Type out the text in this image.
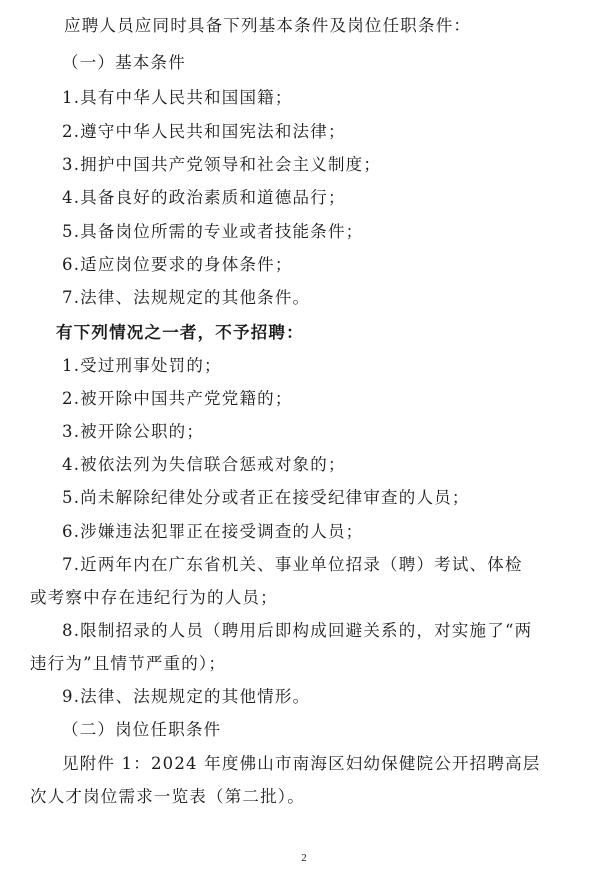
应聘人员应同时具备下列基本条件及岗位任职条件：
（一）基本条件
1.具有中华人民共和国国籍；
2.遵守中华人民共和国宪法和法律；
3.拥护中国共产党领导和社会主义制度；
4.具备良好的政治素质和道德品行；
5.具备岗位所需的专业或者技能条件；
6.适应岗位要求的身体条件；
7.法律、法规规定的其他条件。
有下列情况之一者，不予招聘：
1.受过刑事处罚的；
2.被开除中国共产党党籍的；
3.被开除公职的；
4.被依法列为失信联合惩戒对象的；
5.尚未解除纪律处分或者正在接受纪律审查的人员；
6.涉嫌违法犯罪正在接受调查的人员；
7.近两年内在广东省机关、事业单位招录（聘）考试、体检
或考察中存在违纪行为的人员；
8.限制招录的人员（聘用后即构成回避关系的，对实施了“两
违行为”且情节严重的）；
9.法律、法规规定的其他情形。
（二）岗位任职条件
见附件 1：2024 年度佛山市南海区妇幼保健院公开招聘高层
次人才岗位需求一览表（第二批）。
2
